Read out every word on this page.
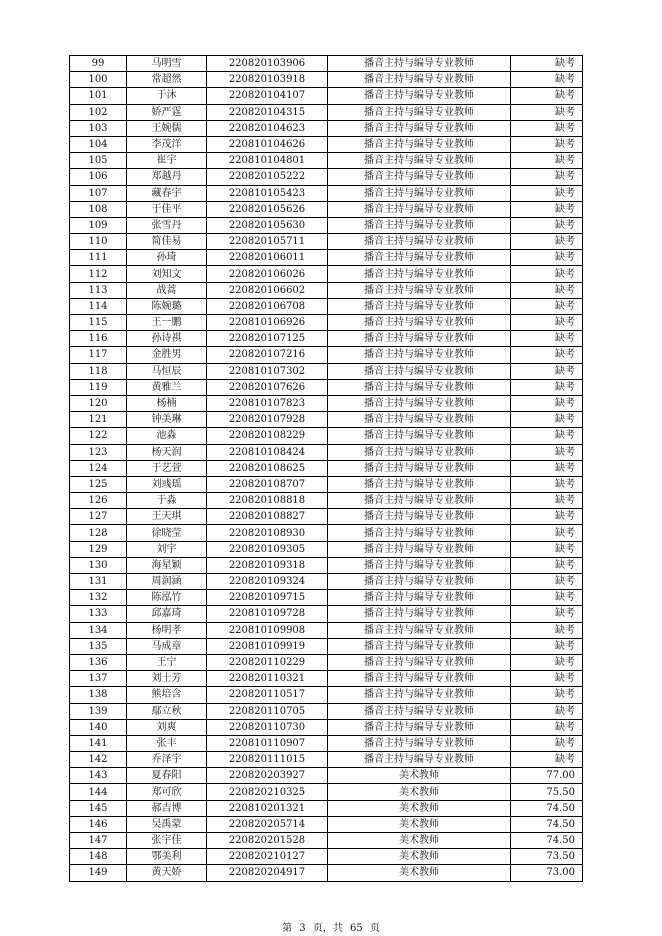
99	马明雪	220820103906	播音主持与编导专业教师	缺考
100	常超然	220820103918	播音主持与编导专业教师	缺考
101	于沐	220820104107	播音主持与编导专业教师	缺考
102	娇严霆	220820104315	播音主持与编导专业教师	缺考
103	王婉儒	220820104623	播音主持与编导专业教师	缺考
104	李茂洋	220810104626	播音主持与编导专业教师	缺考
105	崔宇	220810104801	播音主持与编导专业教师	缺考
106	郑越丹	220820105222	播音主持与编导专业教师	缺考
107	藏春宇	220810105423	播音主持与编导专业教师	缺考
108	于佳平	220820105626	播音主持与编导专业教师	缺考
109	张雪丹	220820105630	播音主持与编导专业教师	缺考
110	简佳易	220820105711	播音主持与编导专业教师	缺考
111	孙琦	220820106011	播音主持与编导专业教师	缺考
112	刘知文	220820106026	播音主持与编导专业教师	缺考
113	战蒿	220820106602	播音主持与编导专业教师	缺考
114	陈婉璐	220820106708	播音主持与编导专业教师	缺考
115	王一鹏	220810106926	播音主持与编导专业教师	缺考
116	孙诗祺	220820107125	播音主持与编导专业教师	缺考
117	金胜男	220820107216	播音主持与编导专业教师	缺考
118	马恒辰	220810107302	播音主持与编导专业教师	缺考
119	黄雅兰	220820107626	播音主持与编导专业教师	缺考
120	杨楠	220810107823	播音主持与编导专业教师	缺考
121	钟美琳	220820107928	播音主持与编导专业教师	缺考
122	池淼	220820108229	播音主持与编导专业教师	缺考
123	杨天润	220810108424	播音主持与编导专业教师	缺考
124	于艺萱	220820108625	播音主持与编导专业教师	缺考
125	刘彧瑶	220820108707	播音主持与编导专业教师	缺考
126	于淼	220820108818	播音主持与编导专业教师	缺考
127	王天琪	220820108827	播音主持与编导专业教师	缺考
128	徐晓莹	220820108930	播音主持与编导专业教师	缺考
129	刘宇	220820109305	播音主持与编导专业教师	缺考
130	海星颖	220820109318	播音主持与编导专业教师	缺考
131	周润涵	220820109324	播音主持与编导专业教师	缺考
132	陈泓竹	220820109715	播音主持与编导专业教师	缺考
133	邱嘉琦	220810109728	播音主持与编导专业教师	缺考
134	杨明孝	220810109908	播音主持与编导专业教师	缺考
135	马成章	220810109919	播音主持与编导专业教师	缺考
136	王宁	220820110229	播音主持与编导专业教师	缺考
137	刘士芳	220820110321	播音主持与编导专业教师	缺考
138	熊培含	220820110517	播音主持与编导专业教师	缺考
139	鄢立秋	220820110705	播音主持与编导专业教师	缺考
140	刘爽	220820110730	播音主持与编导专业教师	缺考
141	张丰	220810110907	播音主持与编导专业教师	缺考
142	乔泽宇	220820111015	播音主持与编导专业教师	缺考
143	夏春阳	220820203927	美术教师	77.00
144	郑可欣	220820210325	美术教师	75.50
145	郝吉博	220810201321	美术教师	74.50
146	吴禹蒙	220820205714	美术教师	74.50
147	张宇佳	220820201528	美术教师	74.50
148	鄂美利	220820210127	美术教师	73.50
149	黄天娇	220820204917	美术教师	73.00
第 3 页，共 65 页
